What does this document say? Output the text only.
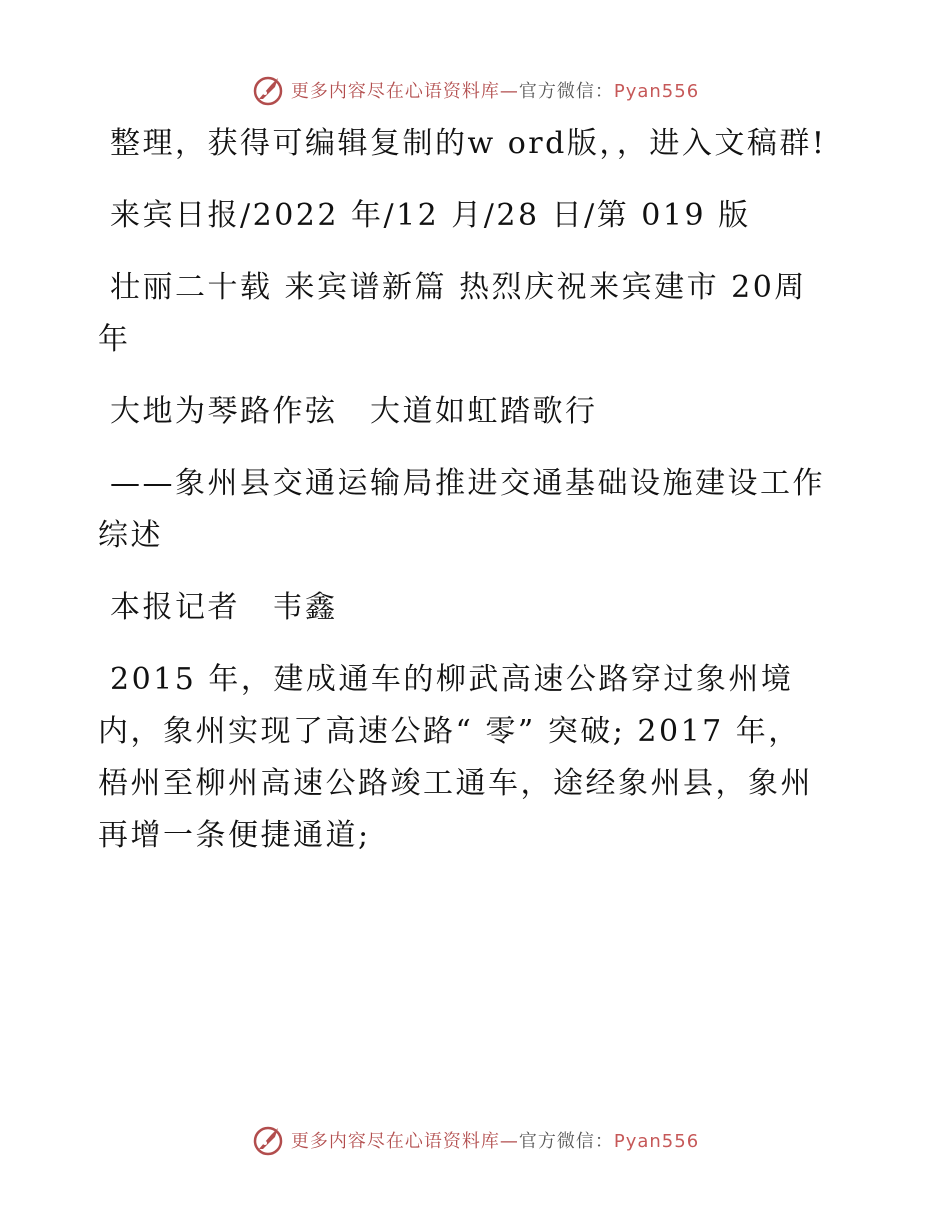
更多内容尽在心语资料库—官方微信：Pyan556

整理，获得可编辑复制的w ord版，，进入文稿群!

来宾日报/2022 年/12 月/28 日/第 019 版

壮丽二十载 来宾谱新篇 热烈庆祝来宾建市 20周年

大地为琴路作弦　大道如虹踏歌行

——象州县交通运输局推进交通基础设施建设工作综述

本报记者　韦鑫

2015 年，建成通车的柳武高速公路穿过象州境内，象州实现了高速公路“ 零” 突破; 2017 年，梧州至柳州高速公路竣工通车，途经象州县，象州再增一条便捷通道;

更多内容尽在心语资料库—官方微信：Pyan556
